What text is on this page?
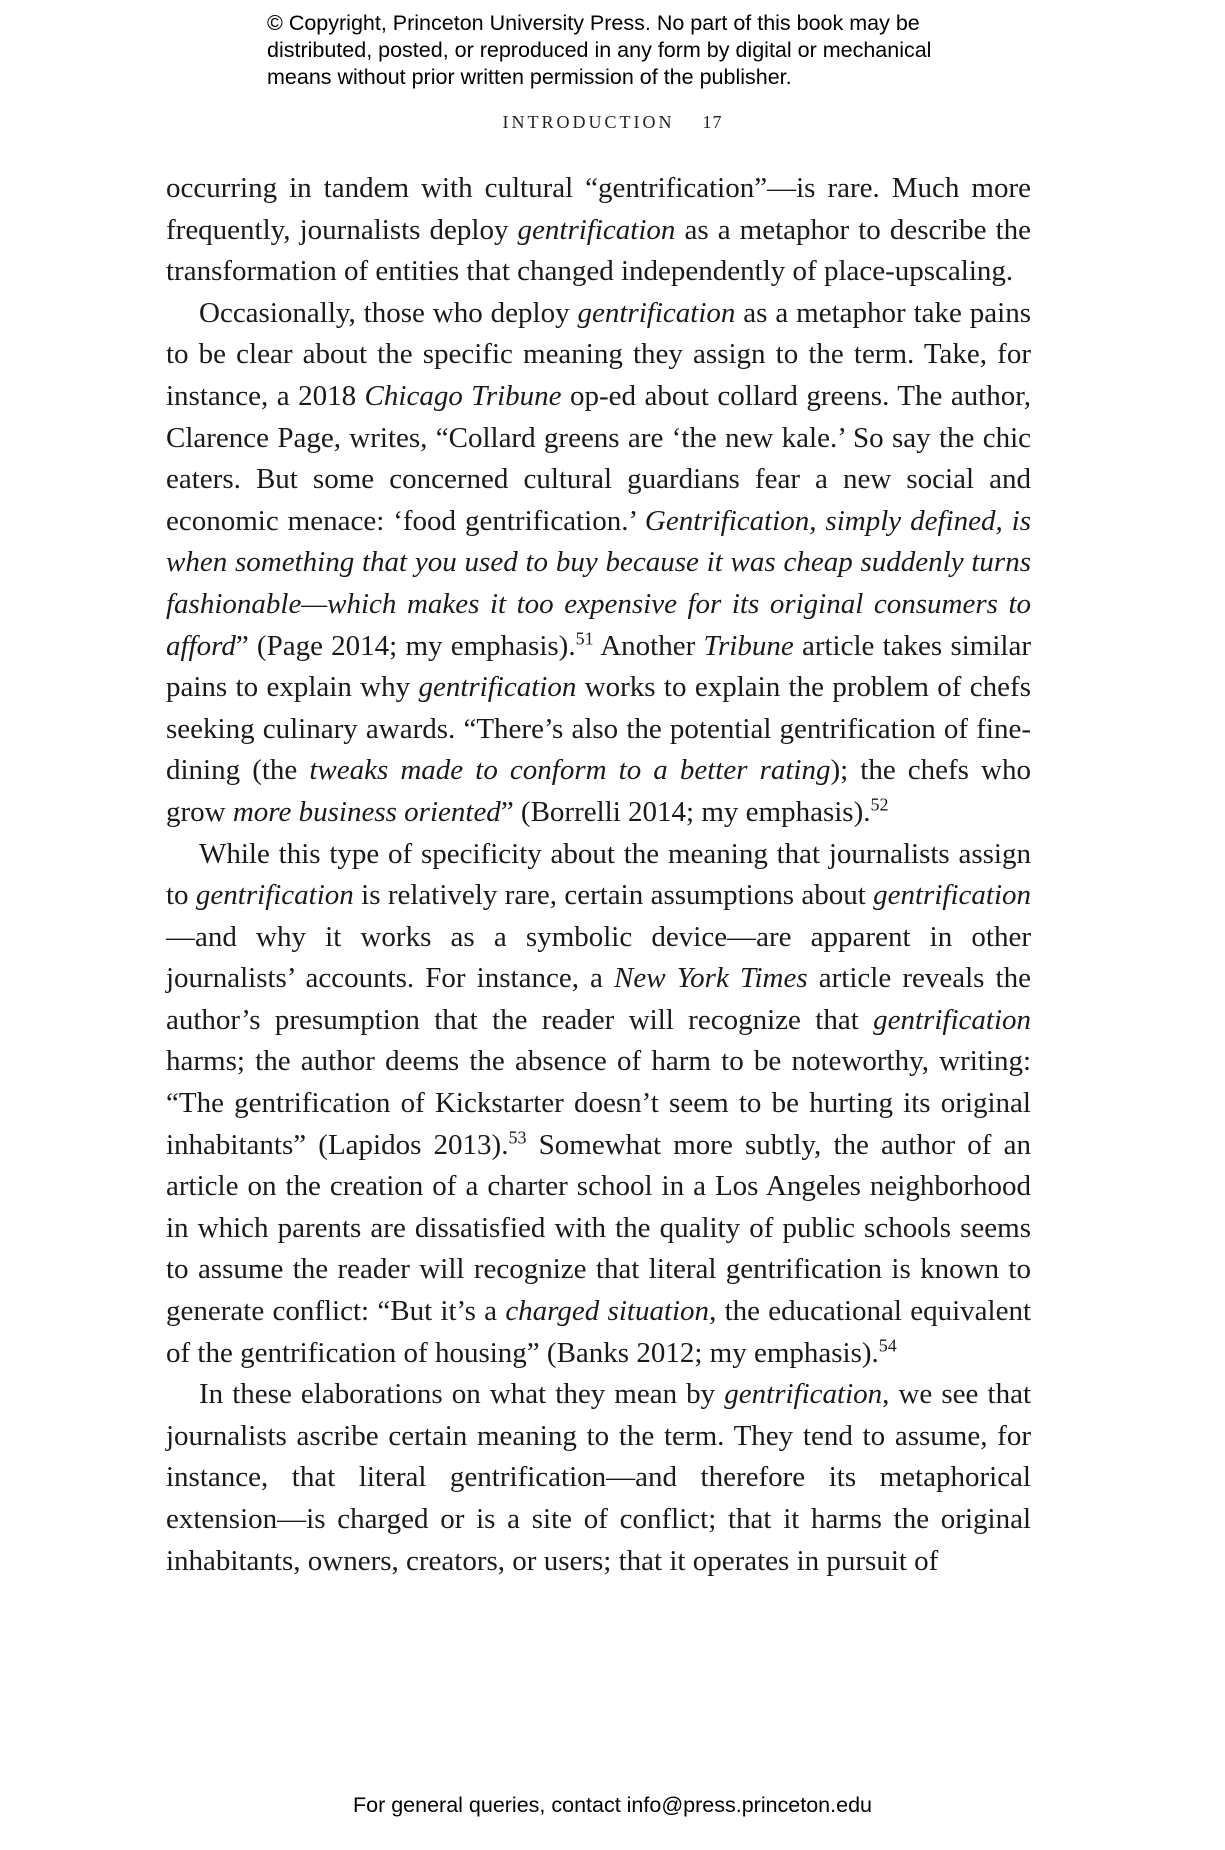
© Copyright, Princeton University Press. No part of this book may be
distributed, posted, or reproduced in any form by digital or mechanical
means without prior written permission of the publisher.
INTRODUCTION 17

occurring in tandem with cultural “gentrification”—is rare. Much more frequently, journalists deploy gentrification as a metaphor to describe the transformation of entities that changed independently of place-upscaling.

Occasionally, those who deploy gentrification as a metaphor take pains to be clear about the specific meaning they assign to the term. Take, for instance, a 2018 Chicago Tribune op-ed about collard greens. The author, Clarence Page, writes, “Collard greens are ‘the new kale.’ So say the chic eaters. But some concerned cultural guardians fear a new social and economic menace: ‘food gentrification.’ Gentrification, simply defined, is when something that you used to buy because it was cheap suddenly turns fashionable—which makes it too expensive for its original consumers to afford” (Page 2014; my emphasis).$^{51}$ Another Tribune article takes similar pains to explain why gentrification works to explain the problem of chefs seeking culinary awards. “There’s also the potential gentrification of fine-dining (the tweaks made to conform to a better rating); the chefs who grow more business oriented” (Borrelli 2014; my emphasis).$^{52}$

While this type of specificity about the meaning that journalists assign to gentrification is relatively rare, certain assumptions about gentrification—and why it works as a symbolic device—are apparent in other journalists’ accounts. For instance, a New York Times article reveals the author’s presumption that the reader will recognize that gentrification harms; the author deems the absence of harm to be noteworthy, writing: “The gentrification of Kickstarter doesn’t seem to be hurting its original inhabitants” (Lapidos 2013).$^{53}$ Somewhat more subtly, the author of an article on the creation of a charter school in a Los Angeles neighborhood in which parents are dissatisfied with the quality of public schools seems to assume the reader will recognize that literal gentrification is known to generate conflict: “But it’s a charged situation, the educational equivalent of the gentrification of housing” (Banks 2012; my emphasis).$^{54}$

In these elaborations on what they mean by gentrification, we see that journalists ascribe certain meaning to the term. They tend to assume, for instance, that literal gentrification—and therefore its metaphorical extension—is charged or is a site of conflict; that it harms the original inhabitants, owners, creators, or users; that it operates in pursuit of

For general queries, contact info@press.princeton.edu
